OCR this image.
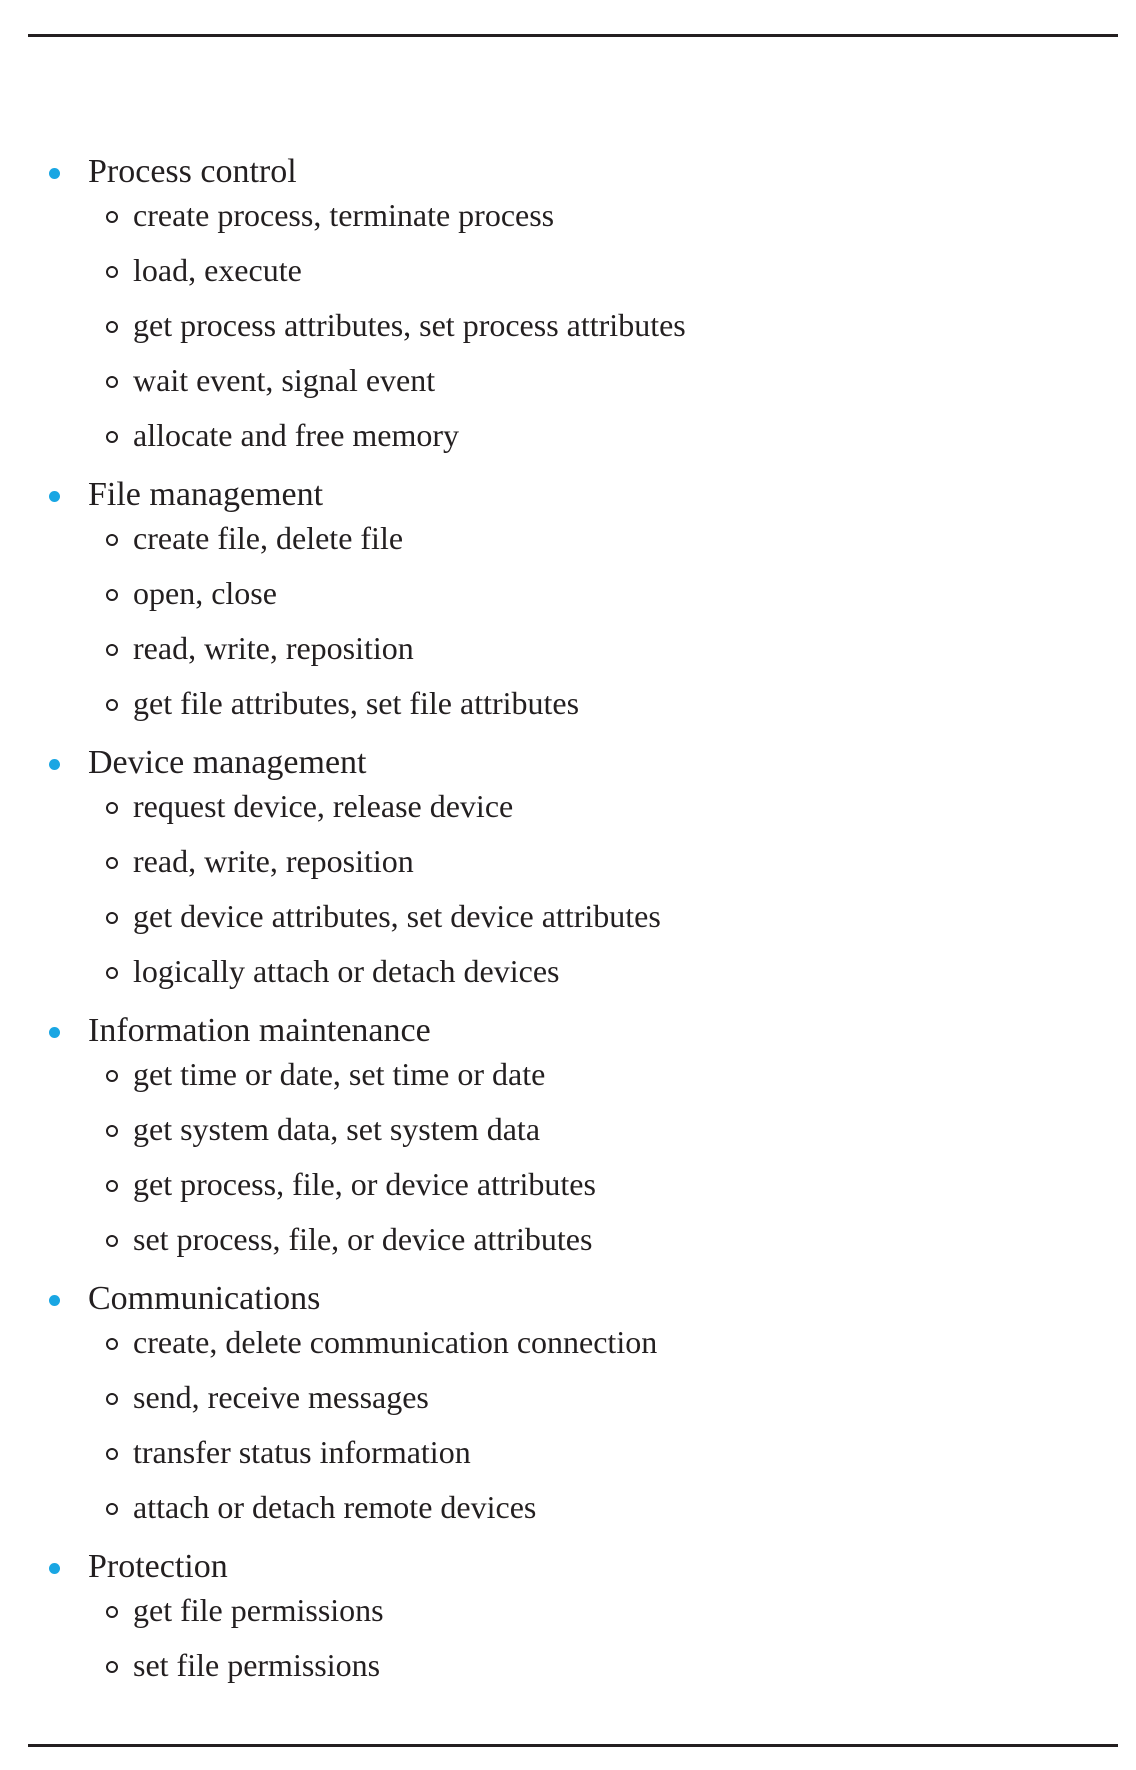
Process control
create process, terminate process
load, execute
get process attributes, set process attributes
wait event, signal event
allocate and free memory
File management
create file, delete file
open, close
read, write, reposition
get file attributes, set file attributes
Device management
request device, release device
read, write, reposition
get device attributes, set device attributes
logically attach or detach devices
Information maintenance
get time or date, set time or date
get system data, set system data
get process, file, or device attributes
set process, file, or device attributes
Communications
create, delete communication connection
send, receive messages
transfer status information
attach or detach remote devices
Protection
get file permissions
set file permissions
